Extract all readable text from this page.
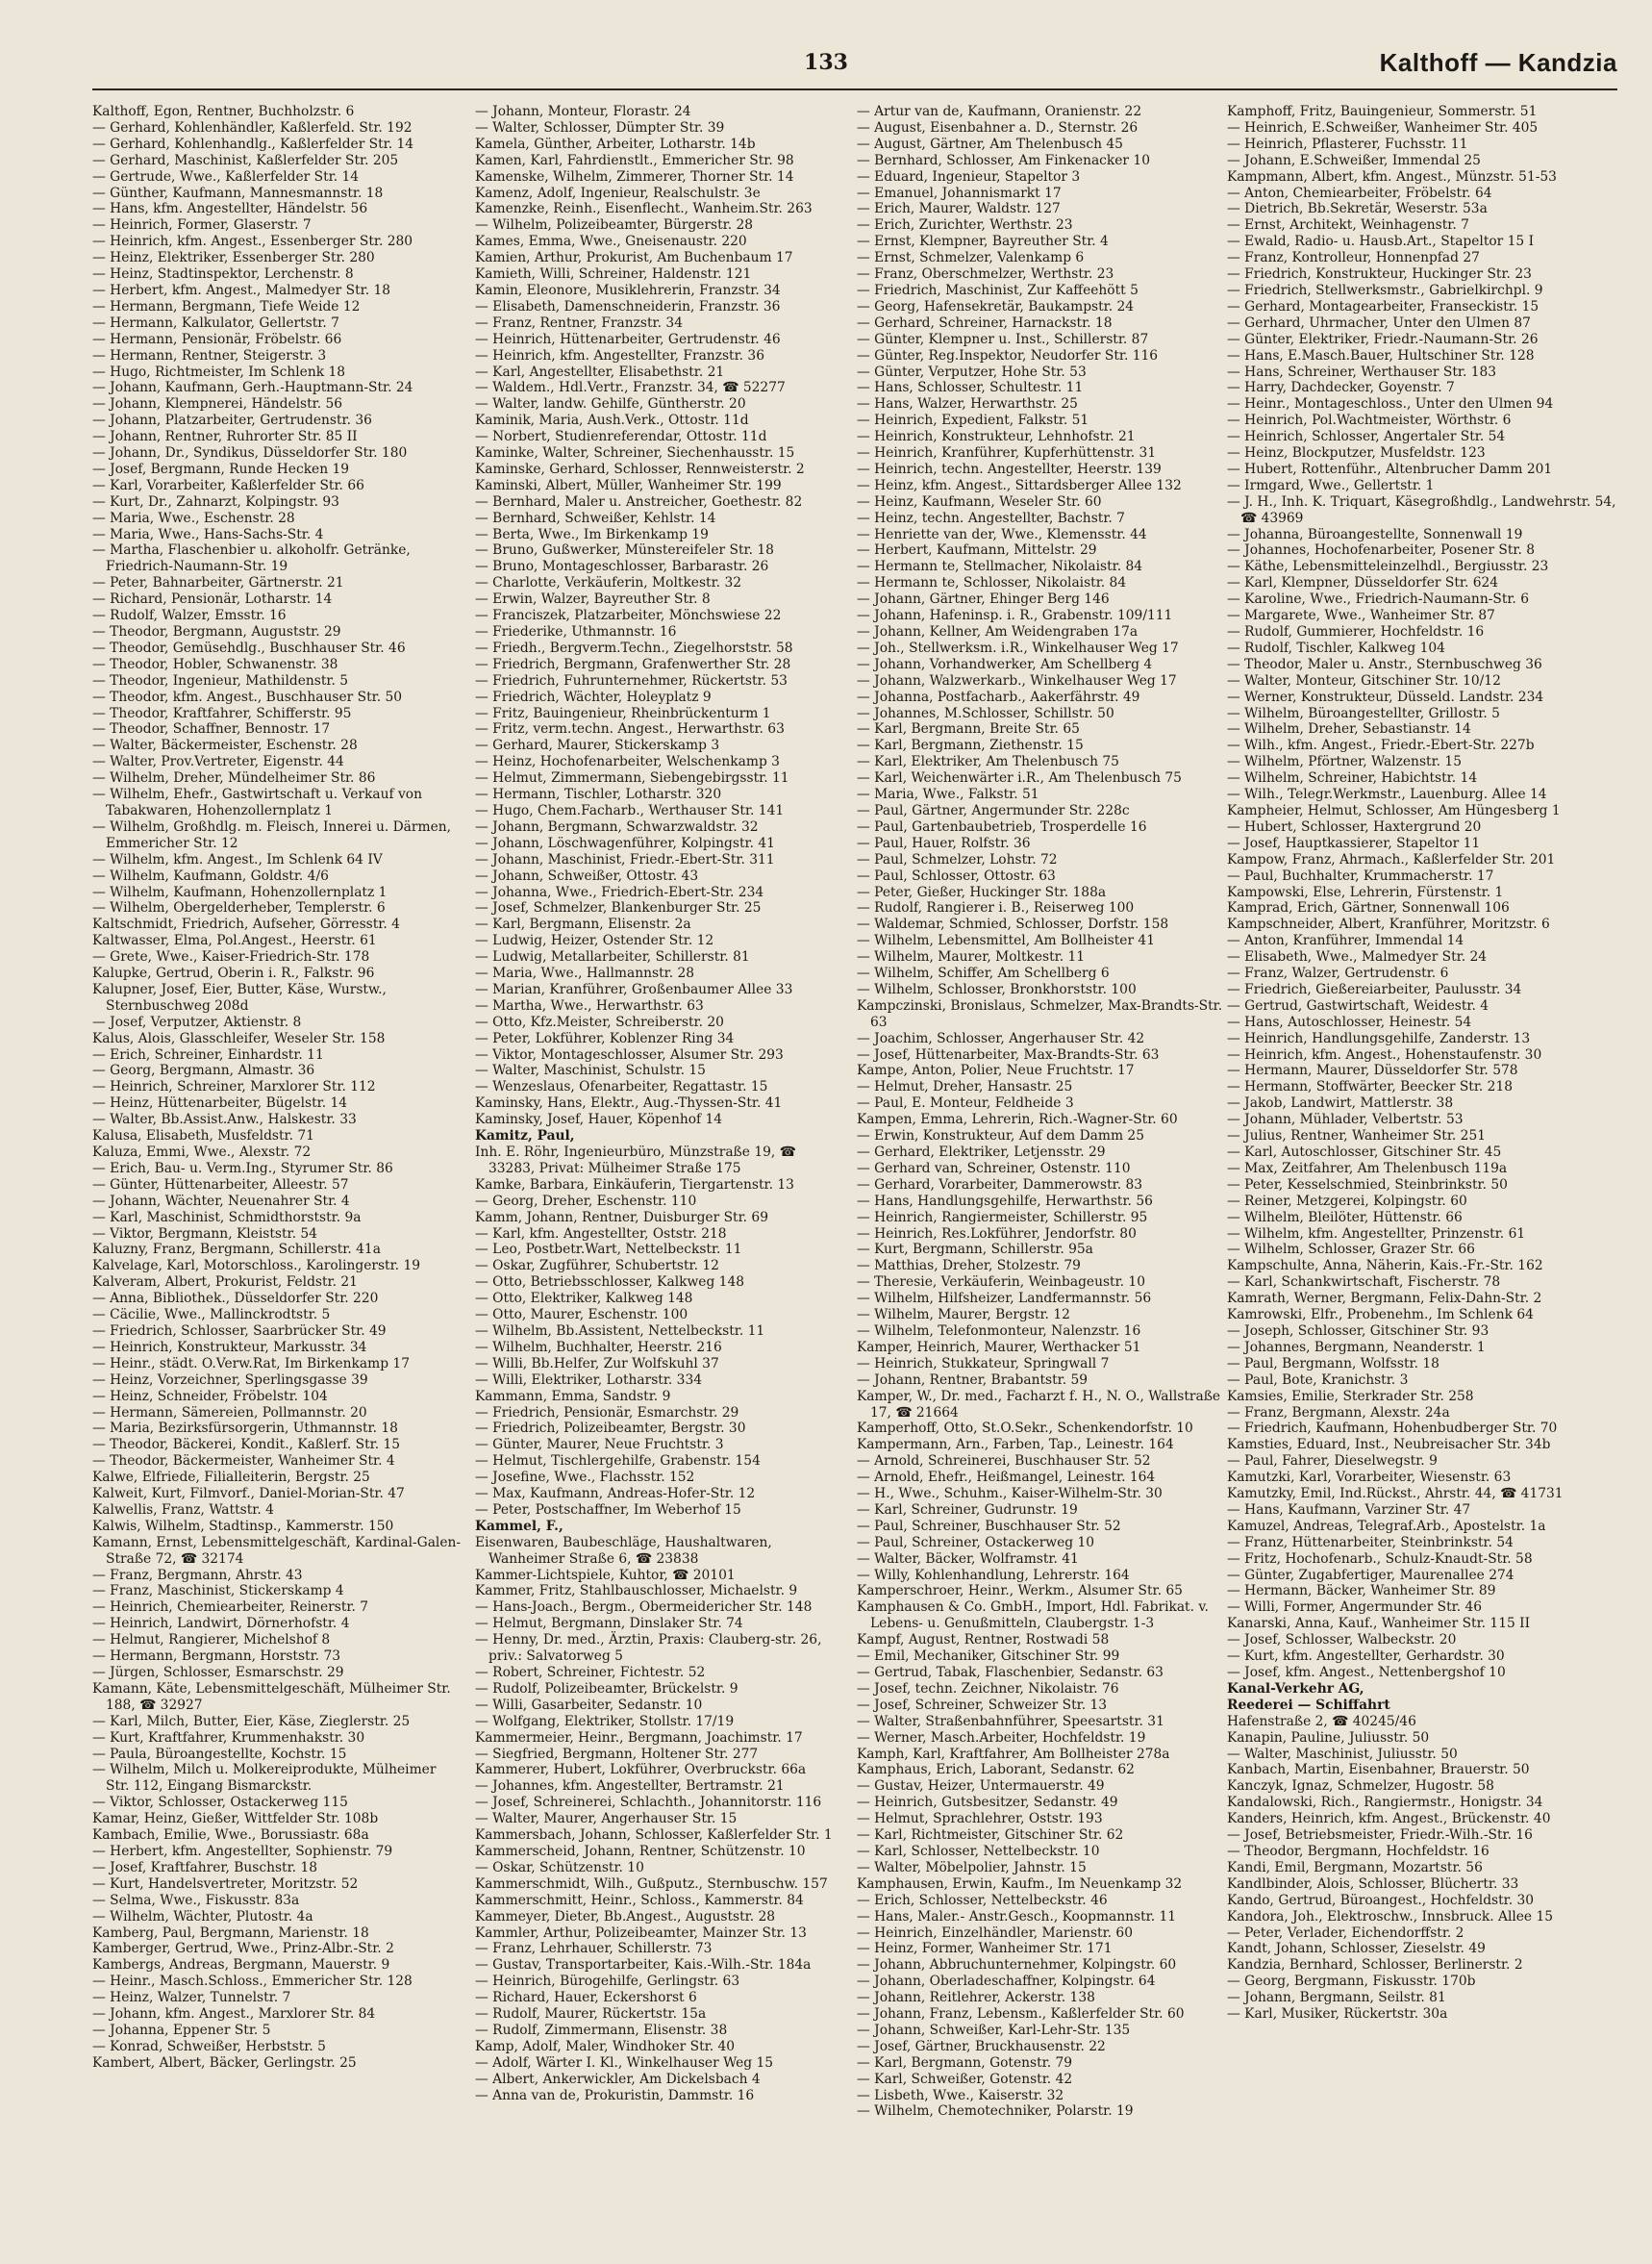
133	Kalthoff — Kandzia

Kalthoff, Egon, Rentner, Buchholzstr. 6

— Gerhard, Kohlenhändler, Kaßlerfeld. Str. 192

— Gerhard, Kohlenhandlg., Kaßlerfelder Str. 14

— Gerhard, Maschinist, Kaßlerfelder Str. 205

— Gertrude, Wwe., Kaßlerfelder Str. 14

— Günther, Kaufmann, Mannesmannstr. 18

— Hans, kfm. Angestellter, Händelstr. 56

— Heinrich, Former, Glaserstr. 7

— Heinrich, kfm. Angest., Essenberger Str. 280

— Heinz, Elektriker, Essenberger Str. 280

— Heinz, Stadtinspektor, Lerchenstr. 8

— Herbert, kfm. Angest., Malmedyer Str. 18

— Hermann, Bergmann, Tiefe Weide 12

— Hermann, Kalkulator, Gellertstr. 7

— Hermann, Pensionär, Fröbelstr. 66

— Hermann, Rentner, Steigerstr. 3

— Hugo, Richtmeister, Im Schlenk 18

— Johann, Kaufmann, Gerh.-Hauptmann-Str. 24

— Johann, Klempnerei, Händelstr. 56

— Johann, Platzarbeiter, Gertrudenstr. 36

— Johann, Rentner, Ruhrorter Str. 85 II

— Johann, Dr., Syndikus, Düsseldorfer Str. 180

— Josef, Bergmann, Runde Hecken 19

— Karl, Vorarbeiter, Kaßlerfelder Str. 66

— Kurt, Dr., Zahnarzt, Kolpingstr. 93

— Maria, Wwe., Eschenstr. 28

— Maria, Wwe., Hans-Sachs-Str. 4

— Martha, Flaschenbier u. alkoholfr. Getränke, Friedrich-Naumann-Str. 19

— Peter, Bahnarbeiter, Gärtnerstr. 21

— Richard, Pensionär, Lotharstr. 14

— Rudolf, Walzer, Emsstr. 16

— Theodor, Bergmann, Auguststr. 29

— Theodor, Gemüsehdlg., Buschhauser Str. 46

— Theodor, Hobler, Schwanenstr. 38

— Theodor, Ingenieur, Mathildenstr. 5

— Theodor, kfm. Angest., Buschhauser Str. 50

— Theodor, Kraftfahrer, Schifferstr. 95

— Theodor, Schaffner, Bennostr. 17

— Walter, Bäckermeister, Eschenstr. 28

— Walter, Prov.Vertreter, Eigenstr. 44

— Wilhelm, Dreher, Mündelheimer Str. 86

— Wilhelm, Ehefr., Gastwirtschaft u. Verkauf von Tabakwaren, Hohenzollernplatz 1

— Wilhelm, Großhdlg. m. Fleisch, Innerei u. Därmen, Emmericher Str. 12

— Wilhelm, kfm. Angest., Im Schlenk 64 IV

— Wilhelm, Kaufmann, Goldstr. 4/6

— Wilhelm, Kaufmann, Hohenzollernplatz 1

— Wilhelm, Obergelderheber, Templerstr. 6

Kaltschmidt, Friedrich, Aufseher, Görresstr. 4

Kaltwasser, Elma, Pol.Angest., Heerstr. 61

— Grete, Wwe., Kaiser-Friedrich-Str. 178

Kalupke, Gertrud, Oberin i. R., Falkstr. 96

Kalupner, Josef, Eier, Butter, Käse, Wurstw., Sternbuschweg 208d

— Josef, Verputzer, Aktienstr. 8

Kalus, Alois, Glasschleifer, Weseler Str. 158

— Erich, Schreiner, Einhardstr. 11

— Georg, Bergmann, Almastr. 36

— Heinrich, Schreiner, Marxlorer Str. 112

— Heinz, Hüttenarbeiter, Bügelstr. 14

— Walter, Bb.Assist.Anw., Halskestr. 33

Kalusa, Elisabeth, Musfeldstr. 71

Kaluza, Emmi, Wwe., Alexstr. 72

— Erich, Bau- u. Verm.Ing., Styrumer Str. 86

— Günter, Hüttenarbeiter, Alleestr. 57

— Johann, Wächter, Neuenahrer Str. 4

— Karl, Maschinist, Schmidthorststr. 9a

— Viktor, Bergmann, Kleiststr. 54

Kaluzny, Franz, Bergmann, Schillerstr. 41a

Kalvelage, Karl, Motorschloss., Karolingerstr. 19

Kalveram, Albert, Prokurist, Feldstr. 21

— Anna, Bibliothek., Düsseldorfer Str. 220

— Cäcilie, Wwe., Mallinckrodtstr. 5

— Friedrich, Schlosser, Saarbrücker Str. 49

— Heinrich, Konstrukteur, Markusstr. 34

— Heinr., städt. O.Verw.Rat, Im Birkenkamp 17

— Heinz, Vorzeichner, Sperlingsgasse 39

— Heinz, Schneider, Fröbelstr. 104

— Hermann, Sämereien, Pollmannstr. 20

— Maria, Bezirksfürsorgerin, Uthmannstr. 18

— Theodor, Bäckerei, Kondit., Kaßlerf. Str. 15

— Theodor, Bäckermeister, Wanheimer Str. 4

Kalwe, Elfriede, Filialleiterin, Bergstr. 25

Kalweit, Kurt, Filmvorf., Daniel-Morian-Str. 47

Kalwellis, Franz, Wattstr. 4

Kalwis, Wilhelm, Stadtinsp., Kammerstr. 150

Kamann, Ernst, Lebensmittelgeschäft, Kardinal-Galen-Straße 72, ☎ 32174

— Franz, Bergmann, Ahrstr. 43

— Franz, Maschinist, Stickerskamp 4

— Heinrich, Chemiearbeiter, Reinerstr. 7

— Heinrich, Landwirt, Dörnerhofstr. 4

— Helmut, Rangierer, Michelshof 8

— Hermann, Bergmann, Horststr. 73

— Jürgen, Schlosser, Esmarschstr. 29

Kamann, Käte, Lebensmittelgeschäft, Mülheimer Str. 188, ☎ 32927

— Karl, Milch, Butter, Eier, Käse, Zieglerstr. 25

— Kurt, Kraftfahrer, Krummenhakstr. 30

— Paula, Büroangestellte, Kochstr. 15

— Wilhelm, Milch u. Molkereiprodukte, Mülheimer Str. 112, Eingang Bismarckstr.

— Viktor, Schlosser, Ostackerweg 115

Kamar, Heinz, Gießer, Wittfelder Str. 108b

Kambach, Emilie, Wwe., Borussiastr. 68a

— Herbert, kfm. Angestellter, Sophienstr. 79

— Josef, Kraftfahrer, Buschstr. 18

— Kurt, Handelsvertreter, Moritzstr. 52

— Selma, Wwe., Fiskusstr. 83a

— Wilhelm, Wächter, Plutostr. 4a

Kamberg, Paul, Bergmann, Marienstr. 18

Kamberger, Gertrud, Wwe., Prinz-Albr.-Str. 2

Kambergs, Andreas, Bergmann, Mauerstr. 9

— Heinr., Masch.Schloss., Emmericher Str. 128

— Heinz, Walzer, Tunnelstr. 7

— Johann, kfm. Angest., Marxlorer Str. 84

— Johanna, Eppener Str. 5

— Konrad, Schweißer, Herbststr. 5

Kambert, Albert, Bäcker, Gerlingstr. 25

— Johann, Monteur, Florastr. 24

— Walter, Schlosser, Dümpter Str. 39

Kamela, Günther, Arbeiter, Lotharstr. 14b

Kamen, Karl, Fahrdienstlt., Emmericher Str. 98

Kamenske, Wilhelm, Zimmerer, Thorner Str. 14

Kamenz, Adolf, Ingenieur, Realschulstr. 3e

Kamenzke, Reinh., Eisenflecht., Wanheim.Str. 263

— Wilhelm, Polizeibeamter, Bürgerstr. 28

Kames, Emma, Wwe., Gneisenaustr. 220

Kamien, Arthur, Prokurist, Am Buchenbaum 17

Kamieth, Willi, Schreiner, Haldenstr. 121

Kamin, Eleonore, Musiklehrerin, Franzstr. 34

— Elisabeth, Damenschneiderin, Franzstr. 36

— Franz, Rentner, Franzstr. 34

— Heinrich, Hüttenarbeiter, Gertrudenstr. 46

— Heinrich, kfm. Angestellter, Franzstr. 36

— Karl, Angestellter, Elisabethstr. 21

— Waldem., Hdl.Vertr., Franzstr. 34, ☎ 52277

— Walter, landw. Gehilfe, Güntherstr. 20

Kaminik, Maria, Aush.Verk., Ottostr. 11d

— Norbert, Studienreferendar, Ottostr. 11d

Kaminke, Walter, Schreiner, Siechenhausstr. 15

Kaminske, Gerhard, Schlosser, Rennweisterstr. 2

Kaminski, Albert, Müller, Wanheimer Str. 199

— Bernhard, Maler u. Anstreicher, Goethestr. 82

— Bernhard, Schweißer, Kehlstr. 14

— Berta, Wwe., Im Birkenkamp 19

— Bruno, Gußwerker, Münstereifeler Str. 18

— Bruno, Montageschlosser, Barbarastr. 26

— Charlotte, Verkäuferin, Moltkestr. 32

— Erwin, Walzer, Bayreuther Str. 8

— Franciszek, Platzarbeiter, Mönchswiese 22

— Friederike, Uthmannstr. 16

— Friedh., Bergverm.Techn., Ziegelhorststr. 58

— Friedrich, Bergmann, Grafenwerther Str. 28

— Friedrich, Fuhrunternehmer, Rückertstr. 53

— Friedrich, Wächter, Holeyplatz 9

— Fritz, Bauingenieur, Rheinbrückenturm 1

— Fritz, verm.techn. Angest., Herwarthstr. 63

— Gerhard, Maurer, Stickerskamp 3

— Heinz, Hochofenarbeiter, Welschenkamp 3

— Helmut, Zimmermann, Siebengebirgsstr. 11

— Hermann, Tischler, Lotharstr. 320

— Hugo, Chem.Facharb., Werthauser Str. 141

— Johann, Bergmann, Schwarzwaldstr. 32

— Johann, Löschwagenführer, Kolpingstr. 41

— Johann, Maschinist, Friedr.-Ebert-Str. 311

— Johann, Schweißer, Ottostr. 43

— Johanna, Wwe., Friedrich-Ebert-Str. 234

— Josef, Schmelzer, Blankenburger Str. 25

— Karl, Bergmann, Elisenstr. 2a

— Ludwig, Heizer, Ostender Str. 12

— Ludwig, Metallarbeiter, Schillerstr. 81

— Maria, Wwe., Hallmannstr. 28

— Marian, Kranführer, Großenbaumer Allee 33

— Martha, Wwe., Herwarthstr. 63

— Otto, Kfz.Meister, Schreiberstr. 20

— Peter, Lokführer, Koblenzer Ring 34

— Viktor, Montageschlosser, Alsumer Str. 293

— Walter, Maschinist, Schulstr. 15

— Wenzeslaus, Ofenarbeiter, Regattastr. 15

Kaminsky, Hans, Elektr., Aug.-Thyssen-Str. 41

Kaminsky, Josef, Hauer, Köpenhof 14

Kamitz, Paul,

Inh. E. Röhr, Ingenieurbüro, Münzstraße 19, ☎ 33283, Privat: Mülheimer Straße 175

Kamke, Barbara, Einkäuferin, Tiergartenstr. 13

— Georg, Dreher, Eschenstr. 110

Kamm, Johann, Rentner, Duisburger Str. 69

— Karl, kfm. Angestellter, Oststr. 218

— Leo, Postbetr.Wart, Nettelbeckstr. 11

— Oskar, Zugführer, Schubertstr. 12

— Otto, Betriebsschlosser, Kalkweg 148

— Otto, Elektriker, Kalkweg 148

— Otto, Maurer, Eschenstr. 100

— Wilhelm, Bb.Assistent, Nettelbeckstr. 11

— Wilhelm, Buchhalter, Heerstr. 216

— Willi, Bb.Helfer, Zur Wolfskuhl 37

— Willi, Elektriker, Lotharstr. 334

Kammann, Emma, Sandstr. 9

— Friedrich, Pensionär, Esmarchstr. 29

— Friedrich, Polizeibeamter, Bergstr. 30

— Günter, Maurer, Neue Fruchtstr. 3

— Helmut, Tischlergehilfe, Grabenstr. 154

— Josefine, Wwe., Flachsstr. 152

— Max, Kaufmann, Andreas-Hofer-Str. 12

— Peter, Postschaffner, Im Weberhof 15

Kammel, F.,

Eisenwaren, Baubeschläge, Haushaltwaren, Wanheimer Straße 6, ☎ 23838

Kammer-Lichtspiele, Kuhtor, ☎ 20101

Kammer, Fritz, Stahlbauschlosser, Michaelstr. 9

— Hans-Joach., Bergm., Obermeidericher Str. 148

— Helmut, Bergmann, Dinslaker Str. 74

— Henny, Dr. med., Ärztin, Praxis: Clauberg-str. 26, priv.: Salvatorweg 5

— Robert, Schreiner, Fichtestr. 52

— Rudolf, Polizeibeamter, Brückelstr. 9

— Willi, Gasarbeiter, Sedanstr. 10

— Wolfgang, Elektriker, Stollstr. 17/19

Kammermeier, Heinr., Bergmann, Joachimstr. 17

— Siegfried, Bergmann, Holtener Str. 277

Kammerer, Hubert, Lokführer, Overbruckstr. 66a

— Johannes, kfm. Angestellter, Bertramstr. 21

— Josef, Schreinerei, Schlachth., Johannitorstr. 116

— Walter, Maurer, Angerhauser Str. 15

Kammersbach, Johann, Schlosser, Kaßlerfelder Str. 1

Kammerscheid, Johann, Rentner, Schützenstr. 10

— Oskar, Schützenstr. 10

Kammerschmidt, Wilh., Gußputz., Sternbuschw. 157

Kammerschmitt, Heinr., Schloss., Kammerstr. 84

Kammeyer, Dieter, Bb.Angest., Auguststr. 28

Kammler, Arthur, Polizeibeamter, Mainzer Str. 13

— Franz, Lehrhauer, Schillerstr. 73

— Gustav, Transportarbeiter, Kais.-Wilh.-Str. 184a

— Heinrich, Bürogehilfe, Gerlingstr. 63

— Richard, Hauer, Eckershorst 6

— Rudolf, Maurer, Rückertstr. 15a

— Rudolf, Zimmermann, Elisenstr. 38

Kamp, Adolf, Maler, Windhoker Str. 40

— Adolf, Wärter I. Kl., Winkelhauser Weg 15

— Albert, Ankerwickler, Am Dickelsbach 4

— Anna van de, Prokuristin, Dammstr. 16

— Artur van de, Kaufmann, Oranienstr. 22

— August, Eisenbahner a. D., Sternstr. 26

— August, Gärtner, Am Thelenbusch 45

— Bernhard, Schlosser, Am Finkenacker 10

— Eduard, Ingenieur, Stapeltor 3

— Emanuel, Johannismarkt 17

— Erich, Maurer, Waldstr. 127

— Erich, Zurichter, Werthstr. 23

— Ernst, Klempner, Bayreuther Str. 4

— Ernst, Schmelzer, Valenkamp 6

— Franz, Oberschmelzer, Werthstr. 23

— Friedrich, Maschinist, Zur Kaffeehött 5

— Georg, Hafensekretär, Baukampstr. 24

— Gerhard, Schreiner, Harnackstr. 18

— Günter, Klempner u. Inst., Schillerstr. 87

— Günter, Reg.Inspektor, Neudorfer Str. 116

— Günter, Verputzer, Hohe Str. 53

— Hans, Schlosser, Schultestr. 11

— Hans, Walzer, Herwarthstr. 25

— Heinrich, Expedient, Falkstr. 51

— Heinrich, Konstrukteur, Lehnhofstr. 21

— Heinrich, Kranführer, Kupferhüttenstr. 31

— Heinrich, techn. Angestellter, Heerstr. 139

— Heinz, kfm. Angest., Sittardsberger Allee 132

— Heinz, Kaufmann, Weseler Str. 60

— Heinz, techn. Angestellter, Bachstr. 7

— Henriette van der, Wwe., Klemensstr. 44

— Herbert, Kaufmann, Mittelstr. 29

— Hermann te, Stellmacher, Nikolaistr. 84

— Hermann te, Schlosser, Nikolaistr. 84

— Johann, Gärtner, Ehinger Berg 146

— Johann, Hafeninsp. i. R., Grabenstr. 109/111

— Johann, Kellner, Am Weidengraben 17a

— Joh., Stellwerksm. i.R., Winkelhauser Weg 17

— Johann, Vorhandwerker, Am Schellberg 4

— Johann, Walzwerkarb., Winkelhauser Weg 17

— Johanna, Postfacharb., Aakerfährstr. 49

— Johannes, M.Schlosser, Schillstr. 50

— Karl, Bergmann, Breite Str. 65

— Karl, Bergmann, Ziethenstr. 15

— Karl, Elektriker, Am Thelenbusch 75

— Karl, Weichenwärter i.R., Am Thelenbusch 75

— Maria, Wwe., Falkstr. 51

— Paul, Gärtner, Angermunder Str. 228c

— Paul, Gartenbaubetrieb, Trosperdelle 16

— Paul, Hauer, Rolfstr. 36

— Paul, Schmelzer, Lohstr. 72

— Paul, Schlosser, Ottostr. 63

— Peter, Gießer, Huckinger Str. 188a

— Rudolf, Rangierer i. B., Reiserweg 100

— Waldemar, Schmied, Schlosser, Dorfstr. 158

— Wilhelm, Lebensmittel, Am Bollheister 41

— Wilhelm, Maurer, Moltkestr. 11

— Wilhelm, Schiffer, Am Schellberg 6

— Wilhelm, Schlosser, Bronkhorststr. 100

Kampczinski, Bronislaus, Schmelzer, Max-Brandts-Str. 63

— Joachim, Schlosser, Angerhauser Str. 42

— Josef, Hüttenarbeiter, Max-Brandts-Str. 63

Kampe, Anton, Polier, Neue Fruchtstr. 17

— Helmut, Dreher, Hansastr. 25

— Paul, E. Monteur, Feldheide 3

Kampen, Emma, Lehrerin, Rich.-Wagner-Str. 60

— Erwin, Konstrukteur, Auf dem Damm 25

— Gerhard, Elektriker, Letjensstr. 29

— Gerhard van, Schreiner, Ostenstr. 110

— Gerhard, Vorarbeiter, Dammerowstr. 83

— Hans, Handlungsgehilfe, Herwarthstr. 56

— Heinrich, Rangiermeister, Schillerstr. 95

— Heinrich, Res.Lokführer, Jendorfstr. 80

— Kurt, Bergmann, Schillerstr. 95a

— Matthias, Dreher, Stolzestr. 79

— Theresie, Verkäuferin, Weinbageustr. 10

— Wilhelm, Hilfsheizer, Landfermannstr. 56

— Wilhelm, Maurer, Bergstr. 12

— Wilhelm, Telefonmonteur, Nalenzstr. 16

Kamper, Heinrich, Maurer, Werthacker 51

— Heinrich, Stukkateur, Springwall 7

— Johann, Rentner, Brabantstr. 59

Kamper, W., Dr. med., Facharzt f. H., N. O., Wallstraße 17, ☎ 21664

Kamperhoff, Otto, St.O.Sekr., Schenkendorfstr. 10

Kampermann, Arn., Farben, Tap., Leinestr. 164

— Arnold, Schreinerei, Buschhauser Str. 52

— Arnold, Ehefr., Heißmangel, Leinestr. 164

— H., Wwe., Schuhm., Kaiser-Wilhelm-Str. 30

— Karl, Schreiner, Gudrunstr. 19

— Paul, Schreiner, Buschhauser Str. 52

— Paul, Schreiner, Ostackerweg 10

— Walter, Bäcker, Wolframstr. 41

— Willy, Kohlenhandlung, Lehrerstr. 164

Kamperschroer, Heinr., Werkm., Alsumer Str. 65

Kamphausen & Co. GmbH., Import, Hdl. Fabrikat. v. Lebens- u. Genußmitteln, Claubergstr. 1-3

Kampf, August, Rentner, Rostwadi 58

— Emil, Mechaniker, Gitschiner Str. 99

— Gertrud, Tabak, Flaschenbier, Sedanstr. 63

— Josef, techn. Zeichner, Nikolaistr. 76

— Josef, Schreiner, Schweizer Str. 13

— Walter, Straßenbahnführer, Speesartstr. 31

— Werner, Masch.Arbeiter, Hochfeldstr. 19

Kamph, Karl, Kraftfahrer, Am Bollheister 278a

Kamphaus, Erich, Laborant, Sedanstr. 62

— Gustav, Heizer, Untermauerstr. 49

— Heinrich, Gutsbesitzer, Sedanstr. 49

— Helmut, Sprachlehrer, Oststr. 193

— Karl, Richtmeister, Gitschiner Str. 62

— Karl, Schlosser, Nettelbeckstr. 10

— Walter, Möbelpolier, Jahnstr. 15

Kamphausen, Erwin, Kaufm., Im Neuenkamp 32

— Erich, Schlosser, Nettelbeckstr. 46

— Hans, Maler.- Anstr.Gesch., Koopmannstr. 11

— Heinrich, Einzelhändler, Marienstr. 60

— Heinz, Former, Wanheimer Str. 171

— Johann, Abbruchunternehmer, Kolpingstr. 60

— Johann, Oberladeschaffner, Kolpingstr. 64

— Johann, Reitlehrer, Ackerstr. 138

— Johann, Franz, Lebensm., Kaßlerfelder Str. 60

— Johann, Schweißer, Karl-Lehr-Str. 135

— Josef, Gärtner, Bruckhausenstr. 22

— Karl, Bergmann, Gotenstr. 79

— Karl, Schweißer, Gotenstr. 42

— Lisbeth, Wwe., Kaiserstr. 32

— Wilhelm, Chemotechniker, Polarstr. 19

Kamphoff, Fritz, Bauingenieur, Sommerstr. 51

— Heinrich, E.Schweißer, Wanheimer Str. 405

— Heinrich, Pflasterer, Fuchsstr. 11

— Johann, E.Schweißer, Immendal 25

Kampmann, Albert, kfm. Angest., Münzstr. 51-53

— Anton, Chemiearbeiter, Fröbelstr. 64

— Dietrich, Bb.Sekretär, Weserstr. 53a

— Ernst, Architekt, Weinhagenstr. 7

— Ewald, Radio- u. Hausb.Art., Stapeltor 15 I

— Franz, Kontrolleur, Honnenpfad 27

— Friedrich, Konstrukteur, Huckinger Str. 23

— Friedrich, Stellwerksmstr., Gabrielkirchpl. 9

— Gerhard, Montagearbeiter, Franseckistr. 15

— Gerhard, Uhrmacher, Unter den Ulmen 87

— Günter, Elektriker, Friedr.-Naumann-Str. 26

— Hans, E.Masch.Bauer, Hultschiner Str. 128

— Hans, Schreiner, Werthauser Str. 183

— Harry, Dachdecker, Goyenstr. 7

— Heinr., Montageschloss., Unter den Ulmen 94

— Heinrich, Pol.Wachtmeister, Wörthstr. 6

— Heinrich, Schlosser, Angertaler Str. 54

— Heinz, Blockputzer, Musfeldstr. 123

— Hubert, Rottenführ., Altenbrucher Damm 201

— Irmgard, Wwe., Gellertstr. 1

— J. H., Inh. K. Triquart, Käsegroßhdlg., Landwehrstr. 54, ☎ 43969

— Johanna, Büroangestellte, Sonnenwall 19

— Johannes, Hochofenarbeiter, Posener Str. 8

— Käthe, Lebensmitteleinzelhdl., Bergiusstr. 23

— Karl, Klempner, Düsseldorfer Str. 624

— Karoline, Wwe., Friedrich-Naumann-Str. 6

— Margarete, Wwe., Wanheimer Str. 87

— Rudolf, Gummierer, Hochfeldstr. 16

— Rudolf, Tischler, Kalkweg 104

— Theodor, Maler u. Anstr., Sternbuschweg 36

— Walter, Monteur, Gitschiner Str. 10/12

— Werner, Konstrukteur, Düsseld. Landstr. 234

— Wilhelm, Büroangestellter, Grillostr. 5

— Wilhelm, Dreher, Sebastianstr. 14

— Wilh., kfm. Angest., Friedr.-Ebert-Str. 227b

— Wilhelm, Pförtner, Walzenstr. 15

— Wilhelm, Schreiner, Habichtstr. 14

— Wilh., Telegr.Werkmstr., Lauenburg. Allee 14

Kampheier, Helmut, Schlosser, Am Hüngesberg 1

— Hubert, Schlosser, Haxtergrund 20

— Josef, Hauptkassierer, Stapeltor 11

Kampow, Franz, Ahrmach., Kaßlerfelder Str. 201

— Paul, Buchhalter, Krummacherstr. 17

Kampowski, Else, Lehrerin, Fürstenstr. 1

Kamprad, Erich, Gärtner, Sonnenwall 106

Kampschneider, Albert, Kranführer, Moritzstr. 6

— Anton, Kranführer, Immendal 14

— Elisabeth, Wwe., Malmedyer Str. 24

— Franz, Walzer, Gertrudenstr. 6

— Friedrich, Gießereiarbeiter, Paulusstr. 34

— Gertrud, Gastwirtschaft, Weidestr. 4

— Hans, Autoschlosser, Heinestr. 54

— Heinrich, Handlungsgehilfe, Zanderstr. 13

— Heinrich, kfm. Angest., Hohenstaufenstr. 30

— Hermann, Maurer, Düsseldorfer Str. 578

— Hermann, Stoffwärter, Beecker Str. 218

— Jakob, Landwirt, Mattlerstr. 38

— Johann, Mühlader, Velbertstr. 53

— Julius, Rentner, Wanheimer Str. 251

— Karl, Autoschlosser, Gitschiner Str. 45

— Max, Zeitfahrer, Am Thelenbusch 119a

— Peter, Kesselschmied, Steinbrinkstr. 50

— Reiner, Metzgerei, Kolpingstr. 60

— Wilhelm, Bleilöter, Hüttenstr. 66

— Wilhelm, kfm. Angestellter, Prinzenstr. 61

— Wilhelm, Schlosser, Grazer Str. 66

Kampschulte, Anna, Näherin, Kais.-Fr.-Str. 162

— Karl, Schankwirtschaft, Fischerstr. 78

Kamrath, Werner, Bergmann, Felix-Dahn-Str. 2

Kamrowski, Elfr., Probenehm., Im Schlenk 64

— Joseph, Schlosser, Gitschiner Str. 93

— Johannes, Bergmann, Neanderstr. 1

— Paul, Bergmann, Wolfsstr. 18

— Paul, Bote, Kranichstr. 3

Kamsies, Emilie, Sterkrader Str. 258

— Franz, Bergmann, Alexstr. 24a

— Friedrich, Kaufmann, Hohenbudberger Str. 70

Kamsties, Eduard, Inst., Neubreisacher Str. 34b

— Paul, Fahrer, Dieselwegstr. 9

Kamutzki, Karl, Vorarbeiter, Wiesenstr. 63

Kamutzky, Emil, Ind.Rückst., Ahrstr. 44, ☎ 41731

— Hans, Kaufmann, Varziner Str. 47

Kamuzel, Andreas, Telegraf.Arb., Apostelstr. 1a

— Franz, Hüttenarbeiter, Steinbrinkstr. 54

— Fritz, Hochofenarb., Schulz-Knaudt-Str. 58

— Günter, Zugabfertiger, Maurenallee 274

— Hermann, Bäcker, Wanheimer Str. 89

— Willi, Former, Angermunder Str. 46

Kanarski, Anna, Kauf., Wanheimer Str. 115 II

— Josef, Schlosser, Walbeckstr. 20

— Kurt, kfm. Angestellter, Gerhardstr. 30

— Josef, kfm. Angest., Nettenbergshof 10

Kanal-Verkehr AG,

Reederei — Schiffahrt

Hafenstraße 2, ☎ 40245/46

Kanapin, Pauline, Juliusstr. 50

— Walter, Maschinist, Juliusstr. 50

Kanbach, Martin, Eisenbahner, Brauerstr. 50

Kanczyk, Ignaz, Schmelzer, Hugostr. 58

Kandalowski, Rich., Rangiermstr., Honigstr. 34

Kanders, Heinrich, kfm. Angest., Brückenstr. 40

— Josef, Betriebsmeister, Friedr.-Wilh.-Str. 16

— Theodor, Bergmann, Hochfeldstr. 16

Kandi, Emil, Bergmann, Mozartstr. 56

Kandlbinder, Alois, Schlosser, Blüchertr. 33

Kando, Gertrud, Büroangest., Hochfeldstr. 30

Kandora, Joh., Elektroschw., Innsbruck. Allee 15

— Peter, Verlader, Eichendorffstr. 2

Kandt, Johann, Schlosser, Zieselstr. 49

Kandzia, Bernhard, Schlosser, Berlinerstr. 2

— Georg, Bergmann, Fiskusstr. 170b

— Johann, Bergmann, Seilstr. 81

— Karl, Musiker, Rückertstr. 30a
